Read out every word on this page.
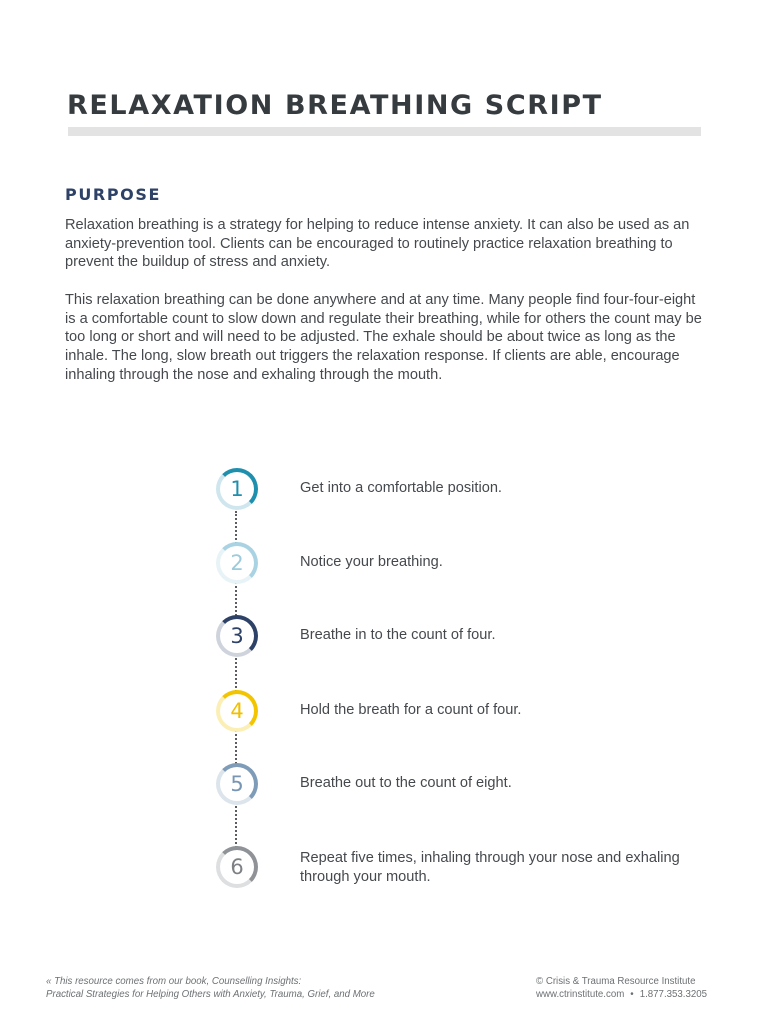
RELAXATION BREATHING SCRIPT
PURPOSE

Relaxation breathing is a strategy for helping to reduce intense anxiety. It can also be used as an anxiety-prevention tool. Clients can be encouraged to routinely practice relaxation breathing to prevent the buildup of stress and anxiety.

This relaxation breathing can be done anywhere and at any time. Many people find four-four-eight is a comfortable count to slow down and regulate their breathing, while for others the count may be too long or short and will need to be adjusted. The exhale should be about twice as long as the inhale. The long, slow breath out triggers the relaxation response. If clients are able, encourage inhaling through the nose and exhaling through the mouth.

1	Get into a comfortable position.
2	Notice your breathing.
3	Breathe in to the count of four.
4	Hold the breath for a count of four.
5	Breathe out to the count of eight.
6	Repeat five times, inhaling through your nose and exhaling through your mouth.
« This resource comes from our book, Counselling Insights:
Practical Strategies for Helping Others with Anxiety, Trauma, Grief, and More
© Crisis & Trauma Resource Institute
www.ctrinstitute.com • 1.877.353.3205
